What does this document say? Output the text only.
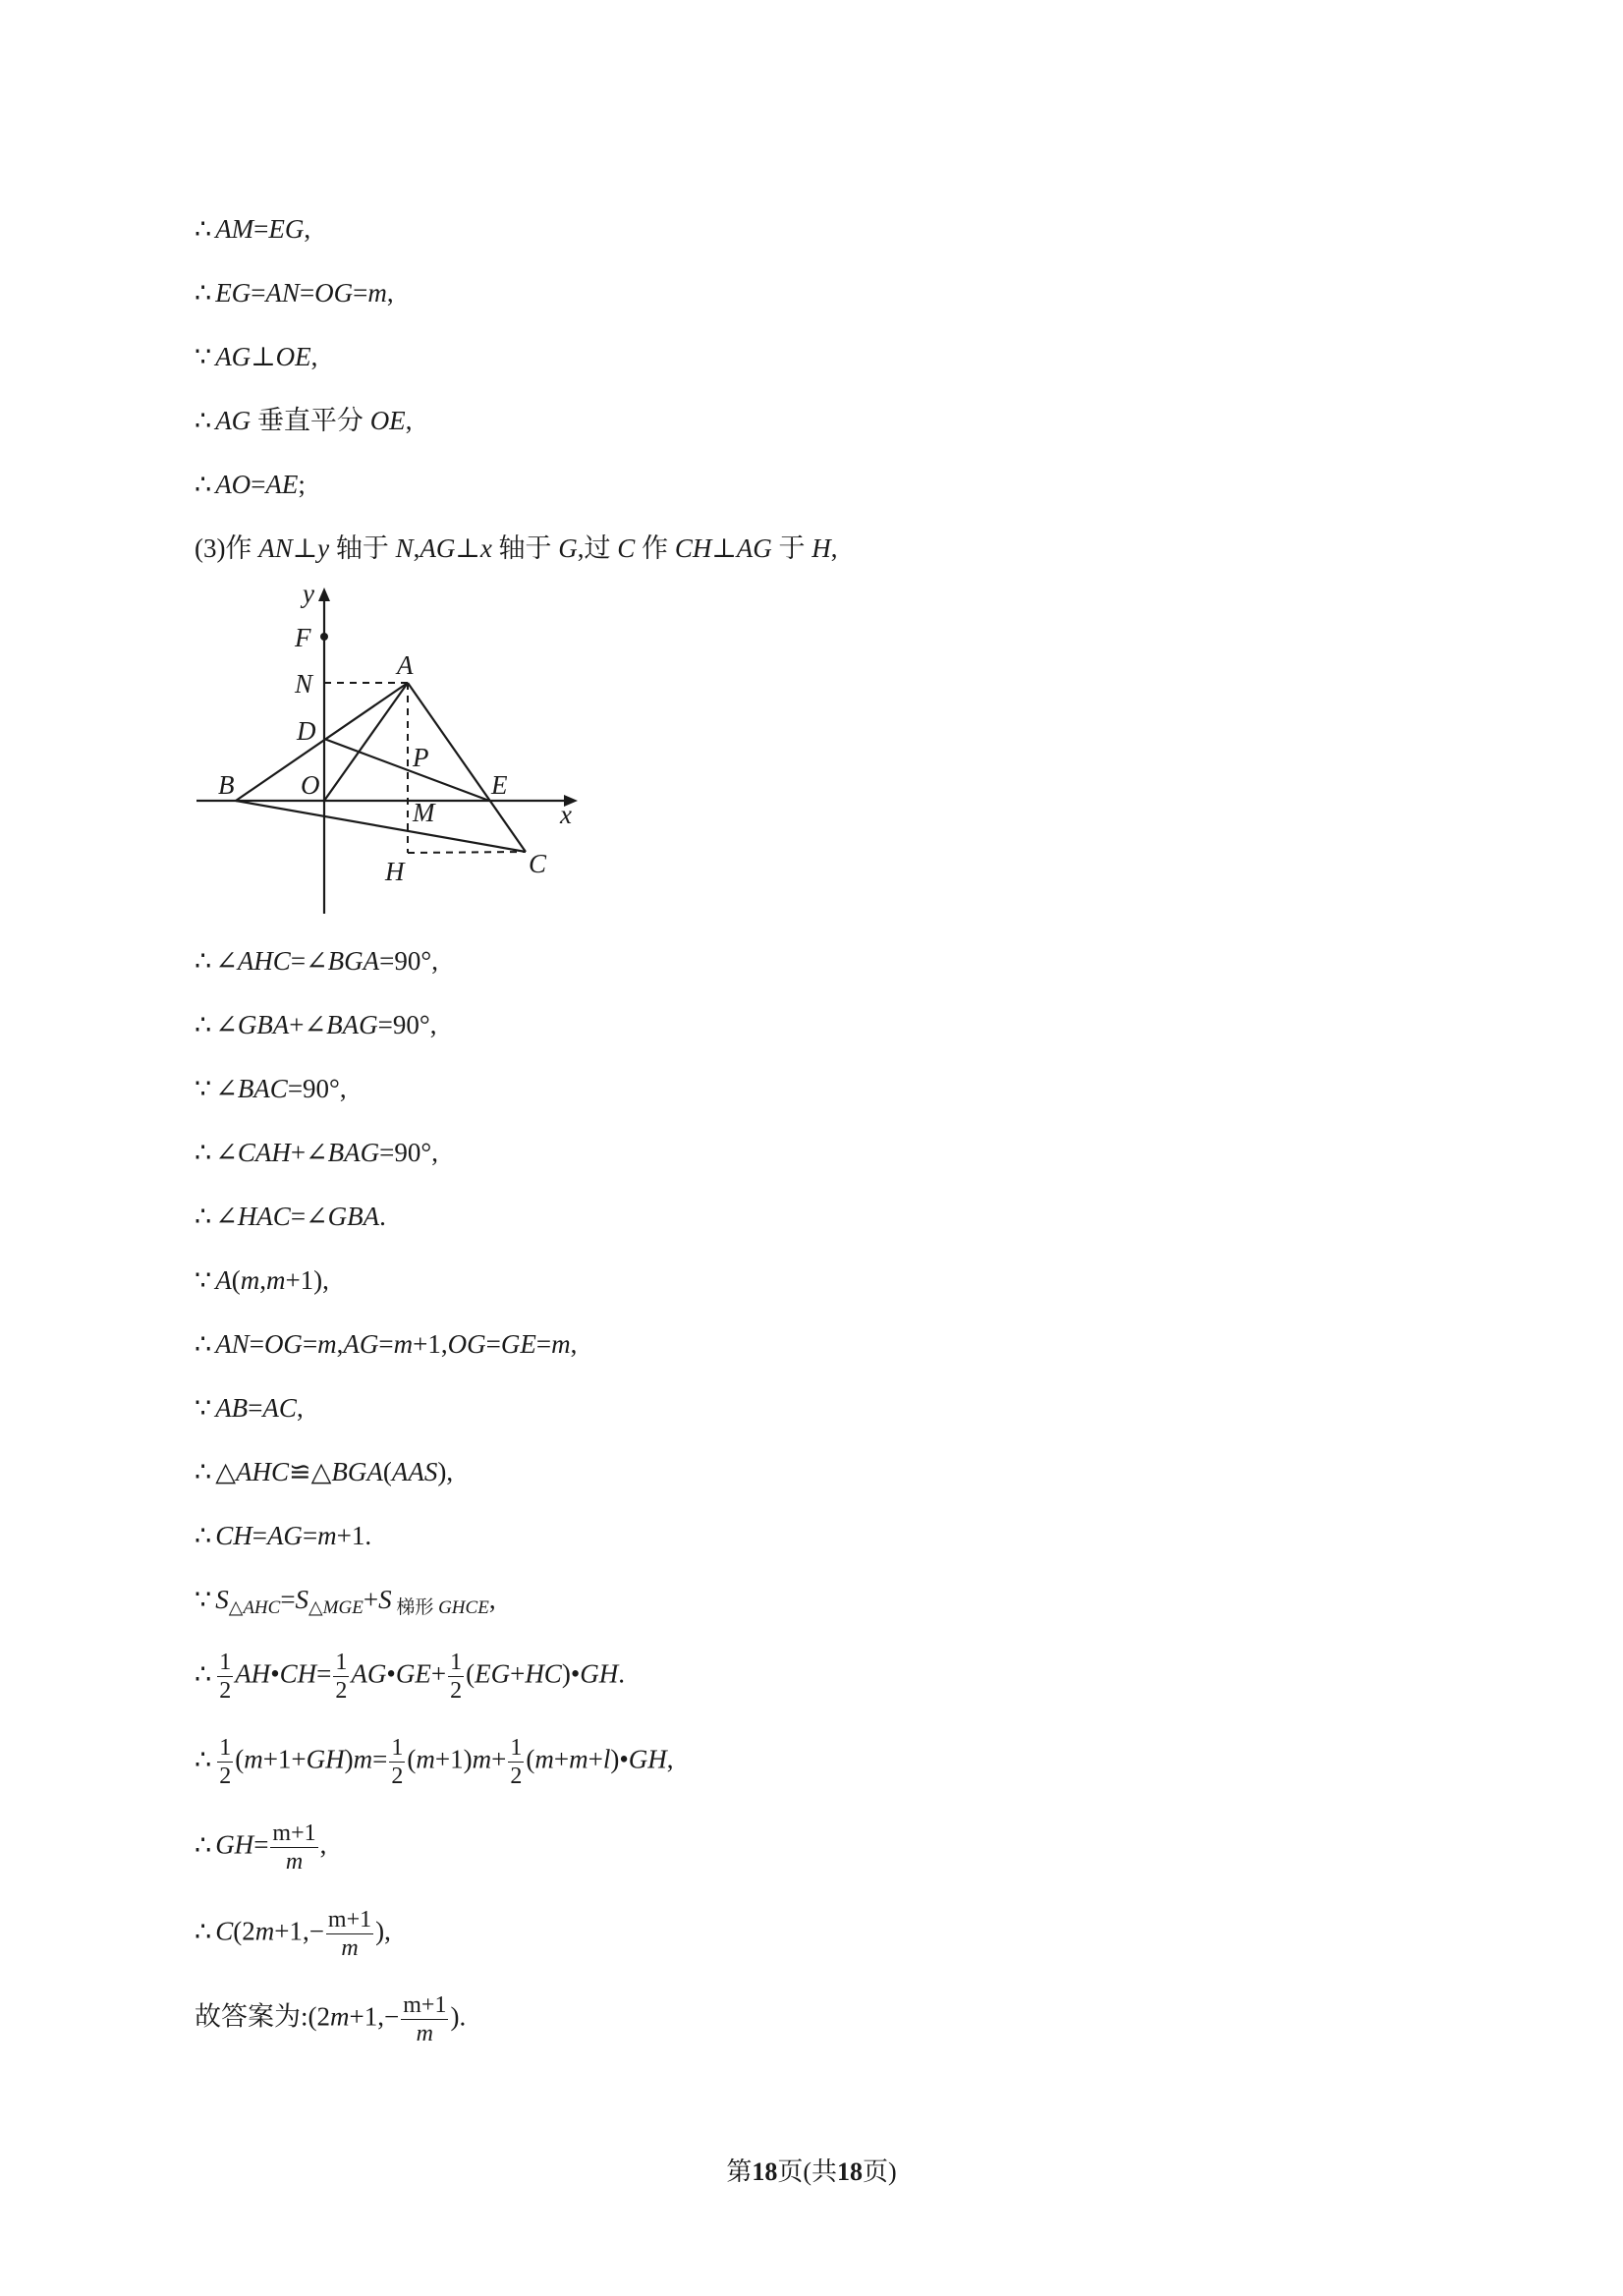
∴ AM=EG,
∴ EG=AN=OG=m,
∵ AG⊥OE,
∴ AG 垂直平分 OE,
∴ AO=AE;
(3)作 AN⊥y 轴于 N,AG⊥x 轴于 G,过 C 作 CH⊥AG 于 H,
y
F
A
N
D
P
B	O	E
x
M
H	C
∴ ∠AHC=∠BGA=90°,
∴ ∠GBA+∠BAG=90°,
∵ ∠BAC=90°,
∴ ∠CAH+∠BAG=90°,
∴ ∠HAC=∠GBA.
∵ A(m,m+1),
∴ AN=OG=m,AG=m+1,OG=GE=m,
∵ AB=AC,
∴ △AHC≌△BGA(AAS),
∴ CH=AG=m+1.
∵ $S_{\triangle AHC}=S_{\triangle MGE}+S$ $_{梯形 GHCE}$,
∴ $\frac{1}{2}$ AH•CH= $\frac{1}{2}$ AG•GE+ $\frac{1}{2}$ (EG+HC)•GH.
∴ $\frac{1}{2} (m+1+GH)m= \frac{1}{2} (m+1)m+ \frac{1}{2}$ (m+m+l)•GH,
∴ $GH= \frac{m+1}{m}$ ,
∴ $C(2m+1,- \frac{m+1}{m}$ ),
故答案为:(2m+1,− $\frac{m+1}{m}$ ).
第18页(共18页)
